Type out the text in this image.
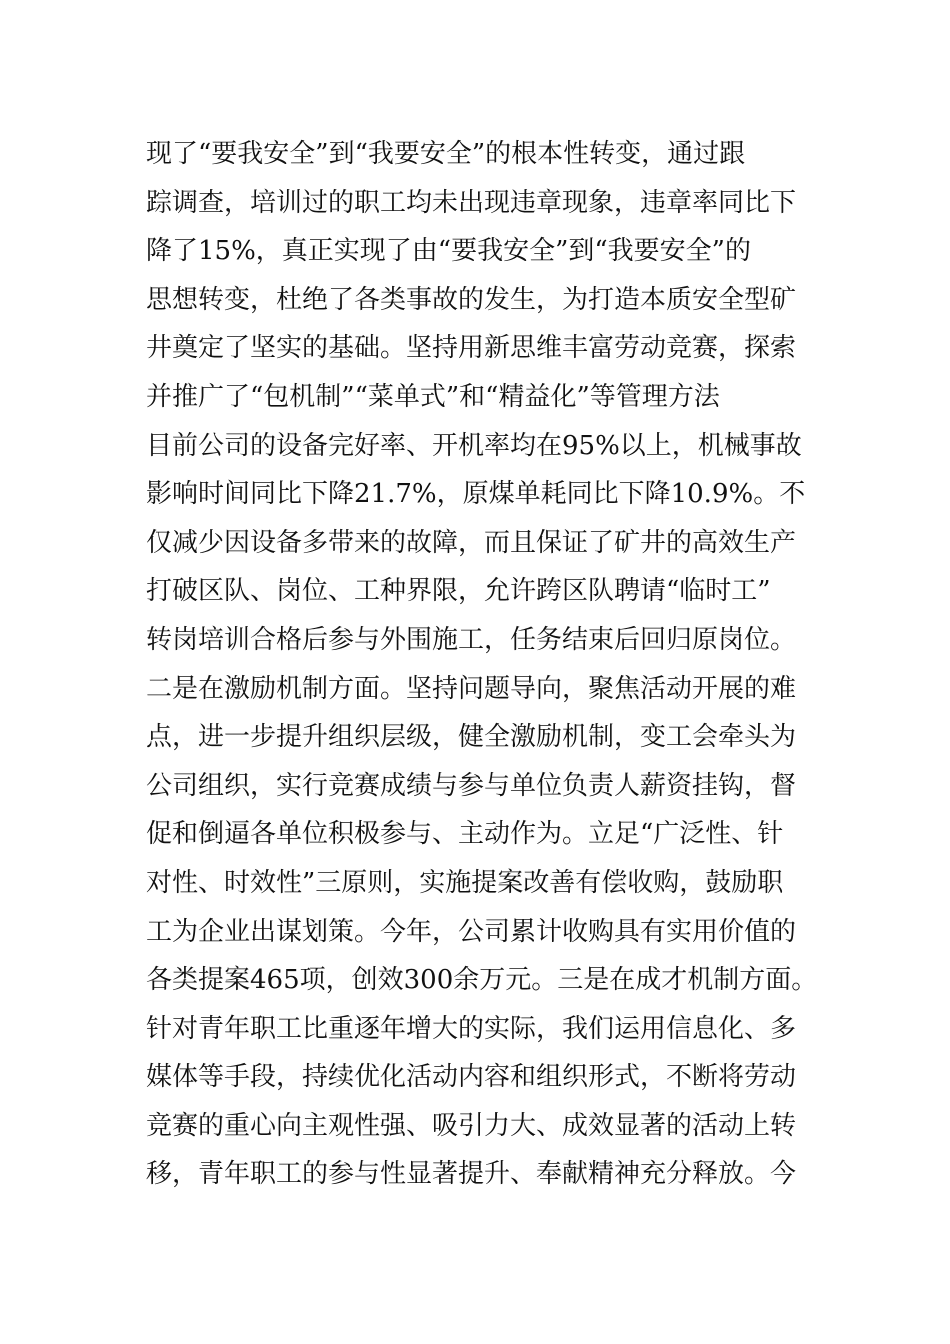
现了“要我安全”到“我要安全”的根本性转变，通过跟
踪调查，培训过的职工均未出现违章现象，违章率同比下
降了15%，真正实现了由“要我安全”到“我要安全”的
思想转变，杜绝了各类事故的发生，为打造本质安全型矿
井奠定了坚实的基础。坚持用新思维丰富劳动竞赛，探索
并推广了“包机制”“菜单式”和“精益化”等管理方法
目前公司的设备完好率、开机率均在95%以上，机械事故
影响时间同比下降21.7%，原煤单耗同比下降10.9%。不
仅减少因设备多带来的故障，而且保证了矿井的高效生产
打破区队、岗位、工种界限，允许跨区队聘请“临时工”
转岗培训合格后参与外围施工，任务结束后回归原岗位。
二是在激励机制方面。坚持问题导向，聚焦活动开展的难
点，进一步提升组织层级，健全激励机制，变工会牵头为
公司组织，实行竞赛成绩与参与单位负责人薪资挂钩，督
促和倒逼各单位积极参与、主动作为。立足“广泛性、针
对性、时效性”三原则，实施提案改善有偿收购，鼓励职
工为企业出谋划策。今年，公司累计收购具有实用价值的
各类提案465项，创效300余万元。三是在成才机制方面。
针对青年职工比重逐年增大的实际，我们运用信息化、多
媒体等手段，持续优化活动内容和组织形式，不断将劳动
竞赛的重心向主观性强、吸引力大、成效显著的活动上转
移，青年职工的参与性显著提升、奉献精神充分释放。今
